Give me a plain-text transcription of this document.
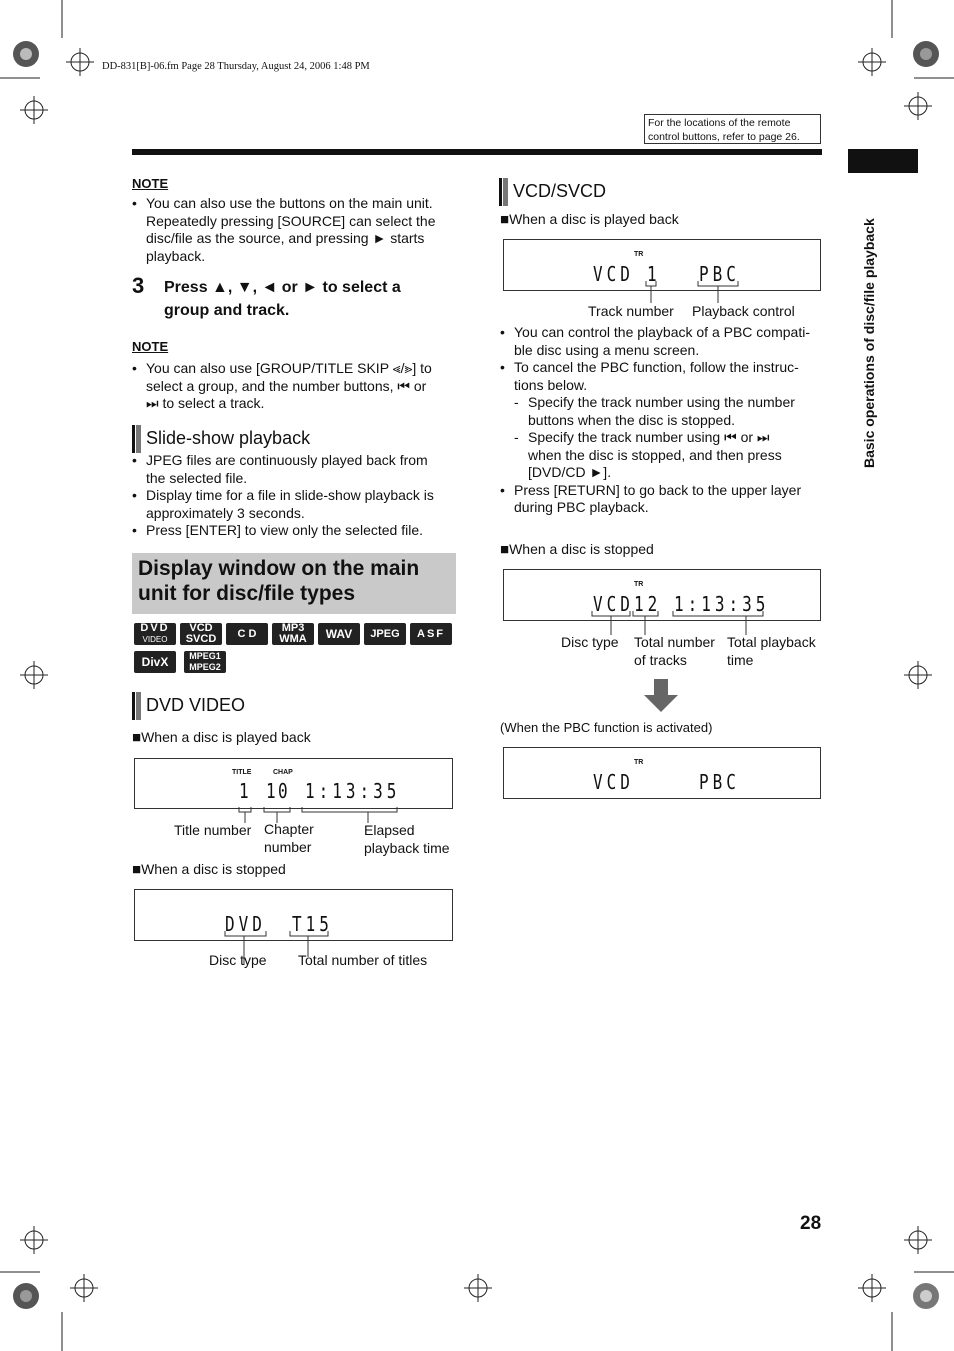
DD-831[B]-06.fm Page 28 Thursday, August 24, 2006 1:48 PM
For the locations of the remote
control buttons, refer to page 26.
Basic operations of disc/file playback
NOTE
• You can also use the buttons on the main unit.
Repeatedly pressing [SOURCE] can select the
disc/file as the source, and pressing ► starts
playback.
3 Press ▲, ▼, ◄ or ► to select a
group and track.
NOTE
• You can also use [GROUP/TITLE SKIP ⪡/⪢] to
select a group, and the number buttons, ⏮ or
⏭ to select a track.
Slide-show playback
• JPEG files are continuously played back from
the selected file.
• Display time for a file in slide-show playback is
approximately 3 seconds.
• Press [ENTER] to view only the selected file.
Display window on the main
unit for disc/file types
DVD
VIDEO
VCD
SVCD	C D	MP3
WMA	WAV	JPEG	ASF
DivX	MPEG1
MPEG2
DVD VIDEO
■When a disc is played back
TITLE	CHAP
1 10 1:13:35
Title number Chapter
number
Elapsed
playback time
■When a disc is stopped
DVD T15
Disc type Total number of titles
VCD/SVCD
■When a disc is played back
TR
VCD 1 PBC
Track number Playback control
• You can control the playback of a PBC compati-
ble disc using a menu screen.
• To cancel the PBC function, follow the instruc-
tions below.
- Specify the track number using the number
buttons when the disc is stopped.
- Specify the track number using ⏮ or ⏭
when the disc is stopped, and then press
[DVD/CD ►].
• Press [RETURN] to go back to the upper layer
during PBC playback.
■When a disc is stopped
TR
VCD 12 1:13:35
Disc type Total number
of tracks
Total playback
time
(When the PBC function is activated)
TR
VCD	PBC
28
